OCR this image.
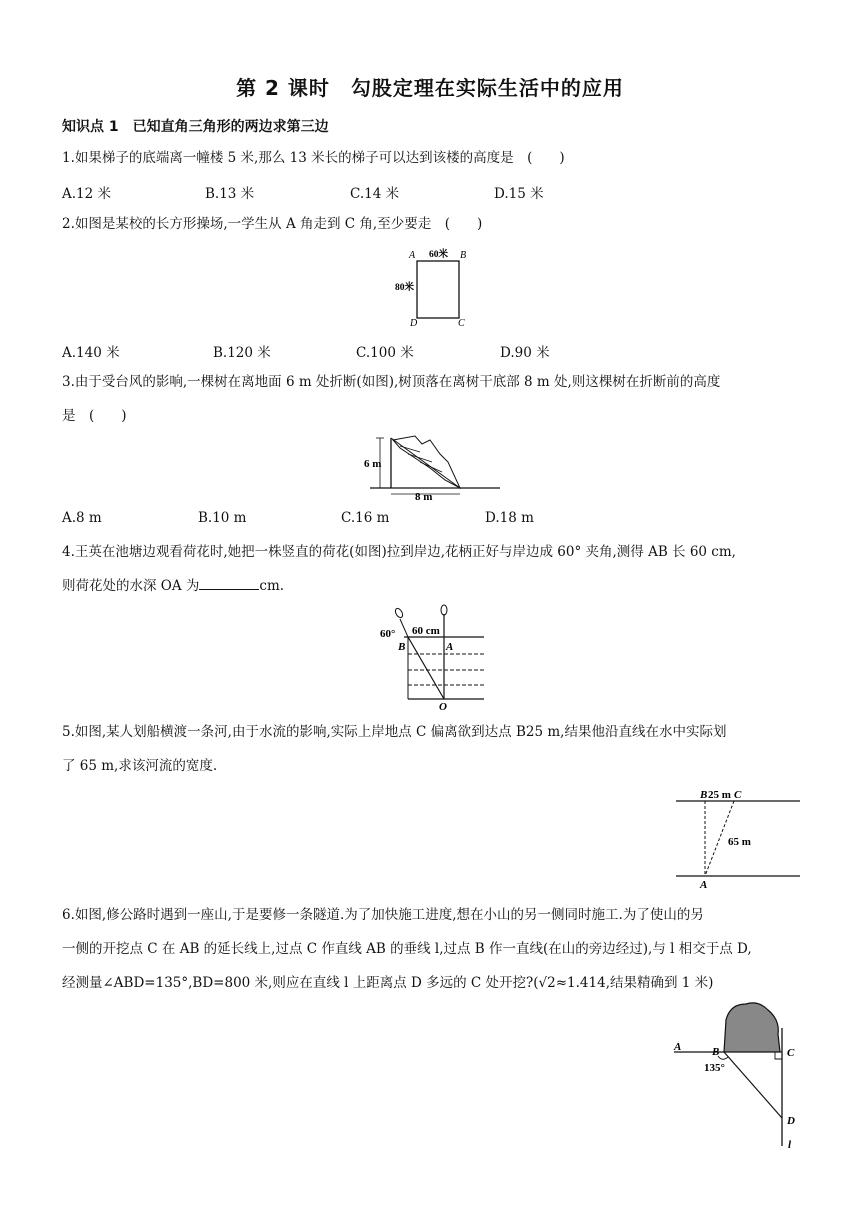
第 2 课时　勾股定理在实际生活中的应用
知识点 1　已知直角三角形的两边求第三边
1.如果梯子的底端离一幢楼 5 米,那么 13 米长的梯子可以达到该楼的高度是　(　　)
A.12 米	B.13 米	C.14 米	D.15 米
2.如图是某校的长方形操场,一学生从 A 角走到 C 角,至少要走　(　　)
A 60米 B
80米
D	C
A.140 米	B.120 米	C.100 米	D.90 米
3.由于受台风的影响,一棵树在离地面 6 m 处折断(如图),树顶落在离树干底部 8 m 处,则这棵树在折断前的高度
是　(　　)
6 m
8 m
A.8 m	B.10 m	C.16 m	D.18 m
4.王英在池塘边观看荷花时,她把一株竖直的荷花(如图)拉到岸边,花柄正好与岸边成 60° 夹角,测得 AB 长 60 cm,
则荷花处的水深 OA 为	cm.
60° 60 cm
B	A
O
5.如图,某人划船横渡一条河,由于水流的影响,实际上岸地点 C 偏离欲到达点 B25 m,结果他沿直线在水中实际划
了 65 m,求该河流的宽度.
B 25 m C
65 m
A
6.如图,修公路时遇到一座山,于是要修一条隧道.为了加快施工进度,想在小山的另一侧同时施工.为了使山的另
一侧的开挖点 C 在 AB 的延长线上,过点 C 作直线 AB 的垂线 l,过点 B 作一直线(在山的旁边经过),与 l 相交于点 D,
经测量∠ABD=135°,BD=800 米,则应在直线 l 上距离点 D 多远的 C 处开挖?(√2≈1.414,结果精确到 1 米)
A	B	C
135°
D
l
